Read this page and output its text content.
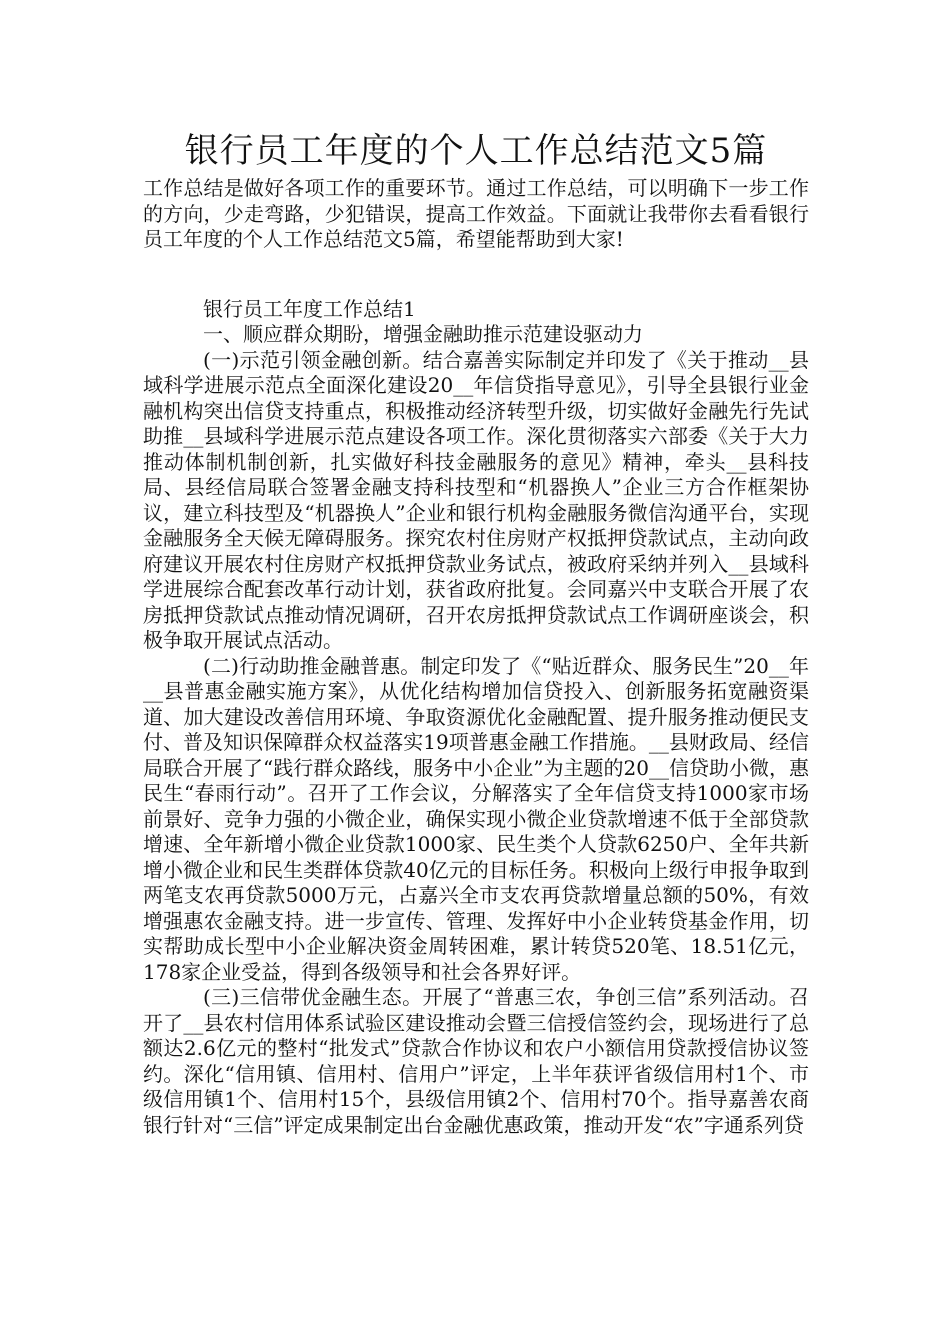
银行员工年度的个人工作总结范文5篇

工作总结是做好各项工作的重要环节。通过工作总结，可以明确下一步工作的方向，少走弯路，少犯错误，提高工作效益。下面就让我带你去看看银行员工年度的个人工作总结范文5篇，希望能帮助到大家!

银行员工年度工作总结1

一、顺应群众期盼，增强金融助推示范建设驱动力

(一)示范引领金融创新。结合嘉善实际制定并印发了《关于推动__县域科学进展示范点全面深化建设20__年信贷指导意见》，引导全县银行业金融机构突出信贷支持重点，积极推动经济转型升级，切实做好金融先行先试助推__县域科学进展示范点建设各项工作。深化贯彻落实六部委《关于大力推动体制机制创新，扎实做好科技金融服务的意见》精神，牵头__县科技局、县经信局联合签署金融支持科技型和“机器换人”企业三方合作框架协议，建立科技型及“机器换人”企业和银行机构金融服务微信沟通平台，实现金融服务全天候无障碍服务。探究农村住房财产权抵押贷款试点，主动向政府建议开展农村住房财产权抵押贷款业务试点，被政府采纳并列入__县域科学进展综合配套改革行动计划，获省政府批复。会同嘉兴中支联合开展了农房抵押贷款试点推动情况调研，召开农房抵押贷款试点工作调研座谈会，积极争取开展试点活动。

(二)行动助推金融普惠。制定印发了《“贴近群众、服务民生”20__年__县普惠金融实施方案》，从优化结构增加信贷投入、创新服务拓宽融资渠道、加大建设改善信用环境、争取资源优化金融配置、提升服务推动便民支付、普及知识保障群众权益落实19项普惠金融工作措施。__县财政局、经信局联合开展了“践行群众路线，服务中小企业”为主题的20__信贷助小微，惠民生“春雨行动”。召开了工作会议，分解落实了全年信贷支持1000家市场前景好、竞争力强的小微企业，确保实现小微企业贷款增速不低于全部贷款增速、全年新增小微企业贷款1000家、民生类个人贷款6250户、全年共新增小微企业和民生类群体贷款40亿元的目标任务。积极向上级行申报争取到两笔支农再贷款5000万元，占嘉兴全市支农再贷款增量总额的50%，有效增强惠农金融支持。进一步宣传、管理、发挥好中小企业转贷基金作用，切实帮助成长型中小企业解决资金周转困难，累计转贷520笔、18.51亿元，178家企业受益，得到各级领导和社会各界好评。

(三)三信带优金融生态。开展了“普惠三农，争创三信”系列活动。召开了__县农村信用体系试验区建设推动会暨三信授信签约会，现场进行了总额达2.6亿元的整村“批发式”贷款合作协议和农户小额信用贷款授信协议签约。深化“信用镇、信用村、信用户”评定，上半年获评省级信用村1个、市级信用镇1个、信用村15个，县级信用镇2个、信用村70个。指导嘉善农商银行针对“三信”评定成果制定出台金融优惠政策，推动开发“农”字通系列贷
